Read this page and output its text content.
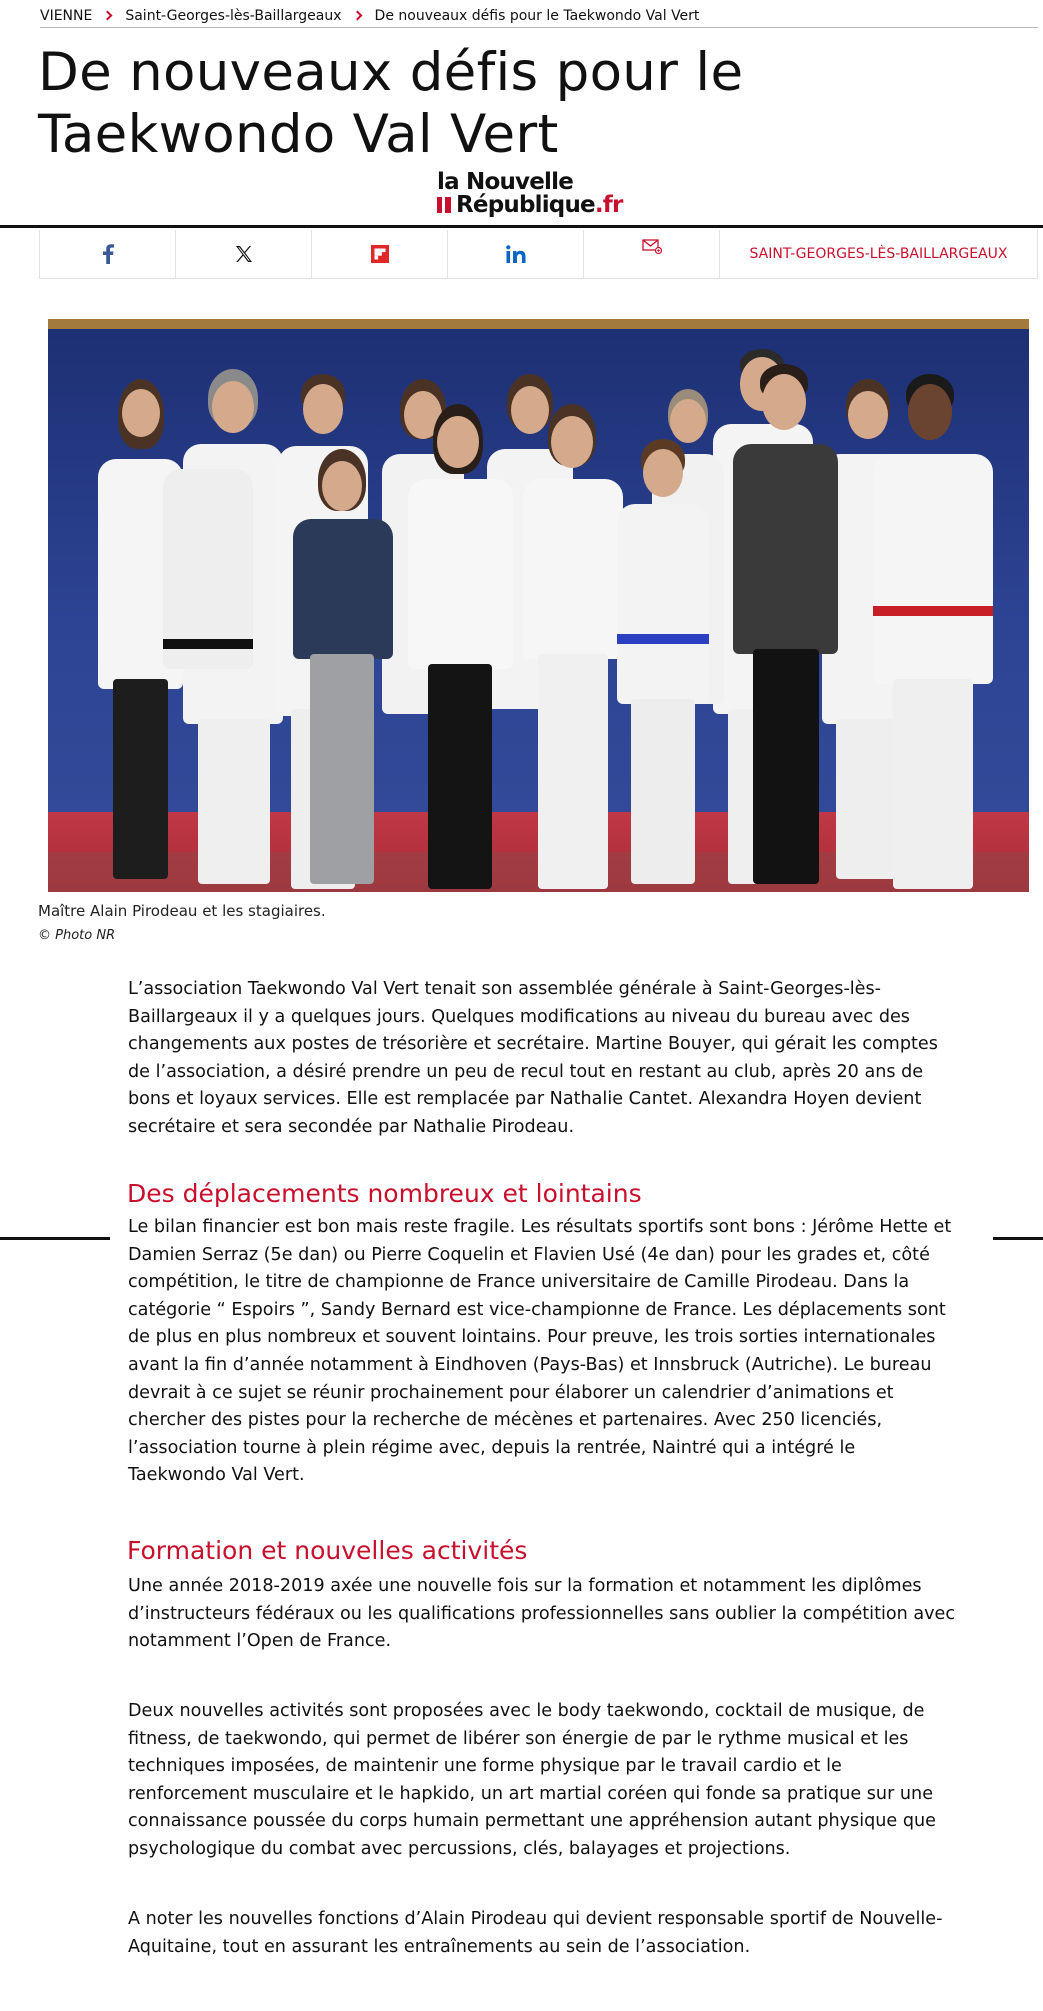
VIENNE Saint-Georges-lès-Baillargeaux De nouveaux défis pour le Taekwondo Val Vert
De nouveaux défis pour le Taekwondo Val Vert
la Nouvelle
République.fr
SAINT-GEORGES-LÈS-BAILLARGEAUX
Maître Alain Pirodeau et les stagiaires.
© Photo NR

L’association Taekwondo Val Vert tenait son assemblée générale à Saint-Georges-lès-Baillargeaux il y a quelques jours. Quelques modifications au niveau du bureau avec des changements aux postes de trésorière et secrétaire. Martine Bouyer, qui gérait les comptes de l’association, a désiré prendre un peu de recul tout en restant au club, après 20 ans de bons et loyaux services. Elle est remplacée par Nathalie Cantet. Alexandra Hoyen devient secrétaire et sera secondée par Nathalie Pirodeau.

Des déplacements nombreux et lointains

Le bilan financier est bon mais reste fragile. Les résultats sportifs sont bons : Jérôme Hette et Damien Serraz (5e dan) ou Pierre Coquelin et Flavien Usé (4e dan) pour les grades et, côté compétition, le titre de championne de France universitaire de Camille Pirodeau. Dans la catégorie “ Espoirs ”, Sandy Bernard est vice-championne de France. Les déplacements sont de plus en plus nombreux et souvent lointains. Pour preuve, les trois sorties internationales avant la fin d’année notamment à Eindhoven (Pays-Bas) et Innsbruck (Autriche). Le bureau devrait à ce sujet se réunir prochainement pour élaborer un calendrier d’animations et chercher des pistes pour la recherche de mécènes et partenaires. Avec 250 licenciés, l’association tourne à plein régime avec, depuis la rentrée, Naintré qui a intégré le Taekwondo Val Vert.

Formation et nouvelles activités

Une année 2018-2019 axée une nouvelle fois sur la formation et notamment les diplômes d’instructeurs fédéraux ou les qualifications professionnelles sans oublier la compétition avec notamment l’Open de France.

Deux nouvelles activités sont proposées avec le body taekwondo, cocktail de musique, de fitness, de taekwondo, qui permet de libérer son énergie de par le rythme musical et les techniques imposées, de maintenir une forme physique par le travail cardio et le renforcement musculaire et le hapkido, un art martial coréen qui fonde sa pratique sur une connaissance poussée du corps humain permettant une appréhension autant physique que psychologique du combat avec percussions, clés, balayages et projections.

A noter les nouvelles fonctions d’Alain Pirodeau qui devient responsable sportif de Nouvelle-Aquitaine, tout en assurant les entraînements au sein de l’association.
